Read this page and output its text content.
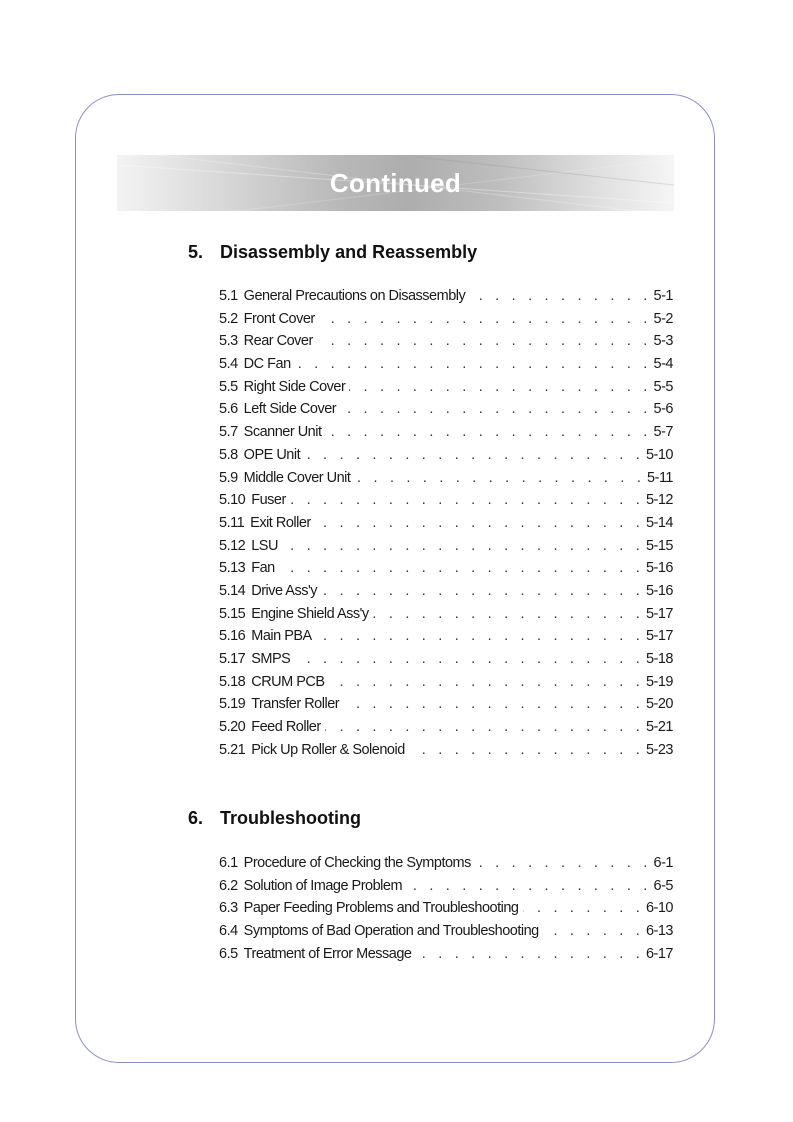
Continued
5. Disassembly and Reassembly
5.1 General Precautions on Disassembly . . .	5-1
5.2 Front Cover . . .	5-2
5.3 Rear Cover . . .	5-3
5.4 DC Fan . . .	5-4
5.5 Right Side Cover . . .	5-5
5.6 Left Side Cover . . .	5-6
5.7 Scanner Unit . . .	5-7
5.8 OPE Unit . . .	5-10
5.9 Middle Cover Unit . . .	5-11
5.10 Fuser . . .	5-12
5.11 Exit Roller . . .	5-14
5.12 LSU . . .	5-15
5.13 Fan . . .	5-16
5.14 Drive Ass'y . . .	5-16
5.15 Engine Shield Ass'y . . .	5-17
5.16 Main PBA . . .	5-17
5.17 SMPS . . .	5-18
5.18 CRUM PCB . . .	5-19
5.19 Transfer Roller . . .	5-20
5.20 Feed Roller . . .	5-21
5.21 Pick Up Roller & Solenoid . . .	5-23
6. Troubleshooting
6.1 Procedure of Checking the Symptoms . . .	6-1
6.2 Solution of Image Problem . . .	6-5
6.3 Paper Feeding Problems and Troubleshooting . . .	6-10
6.4 Symptoms of Bad Operation and Troubleshooting . . .	6-13
6.5 Treatment of Error Message . . .	6-17
